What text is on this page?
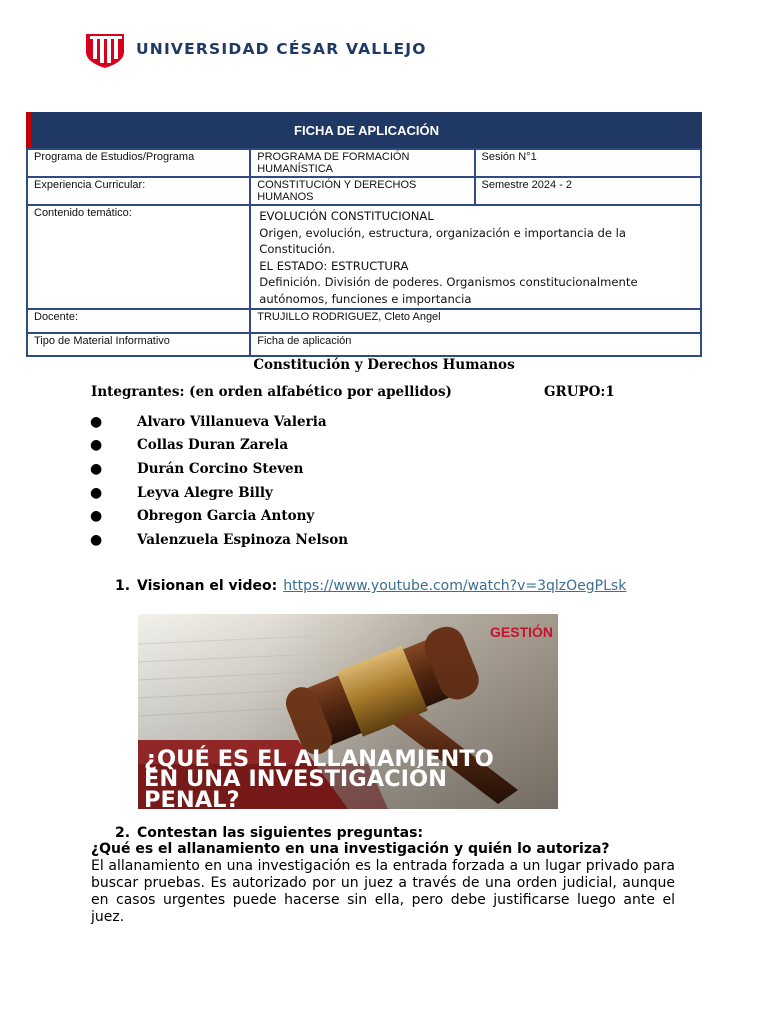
UNIVERSIDAD CÉSAR VALLEJO
FICHA DE APLICACIÓN
Programa de Estudios/Programa	PROGRAMA DE FORMACIÓN HUMANÍSTICA	Sesión N°1
Experiencia Curricular:	CONSTITUCIÓN Y DERECHOS HUMANOS	Semestre 2024 - 2
Contenido temático:	EVOLUCIÓN CONSTITUCIONAL
Origen, evolución, estructura, organización e importancia de la Constitución.
EL ESTADO: ESTRUCTURA
Definición. División de poderes. Organismos constitucionalmente
autónomos, funciones e importancia	

Docente:	TRUJILLO RODRIGUEZ, Cleto Angel	
Tipo de Material Informativo	Ficha de aplicación	
Constitución y Derechos Humanos
Integrantes: (en orden alfabético por apellidos)	GRUPO:1
●	Alvaro Villanueva Valeria
●	Collas Duran Zarela
●	Durán Corcino Steven
●	Leyva Alegre Billy
●	Obregon Garcia Antony
●	Valenzuela Espinoza Nelson
1. Visionan el video: https://www.youtube.com/watch?v=3qlzOegPLsk
GESTIÓN
¿QUÉ ES EL ALLANAMIENTO
EN UNA INVESTIGACIÓN
PENAL?
2. Contestan las siguientes preguntas:
¿Qué es el allanamiento en una investigación y quién lo autoriza?
El allanamiento en una investigación es la entrada forzada a un lugar privado para buscar pruebas. Es autorizado por un juez a través de una orden judicial, aunque en casos urgentes puede hacerse sin ella, pero debe justificarse luego ante el juez.
